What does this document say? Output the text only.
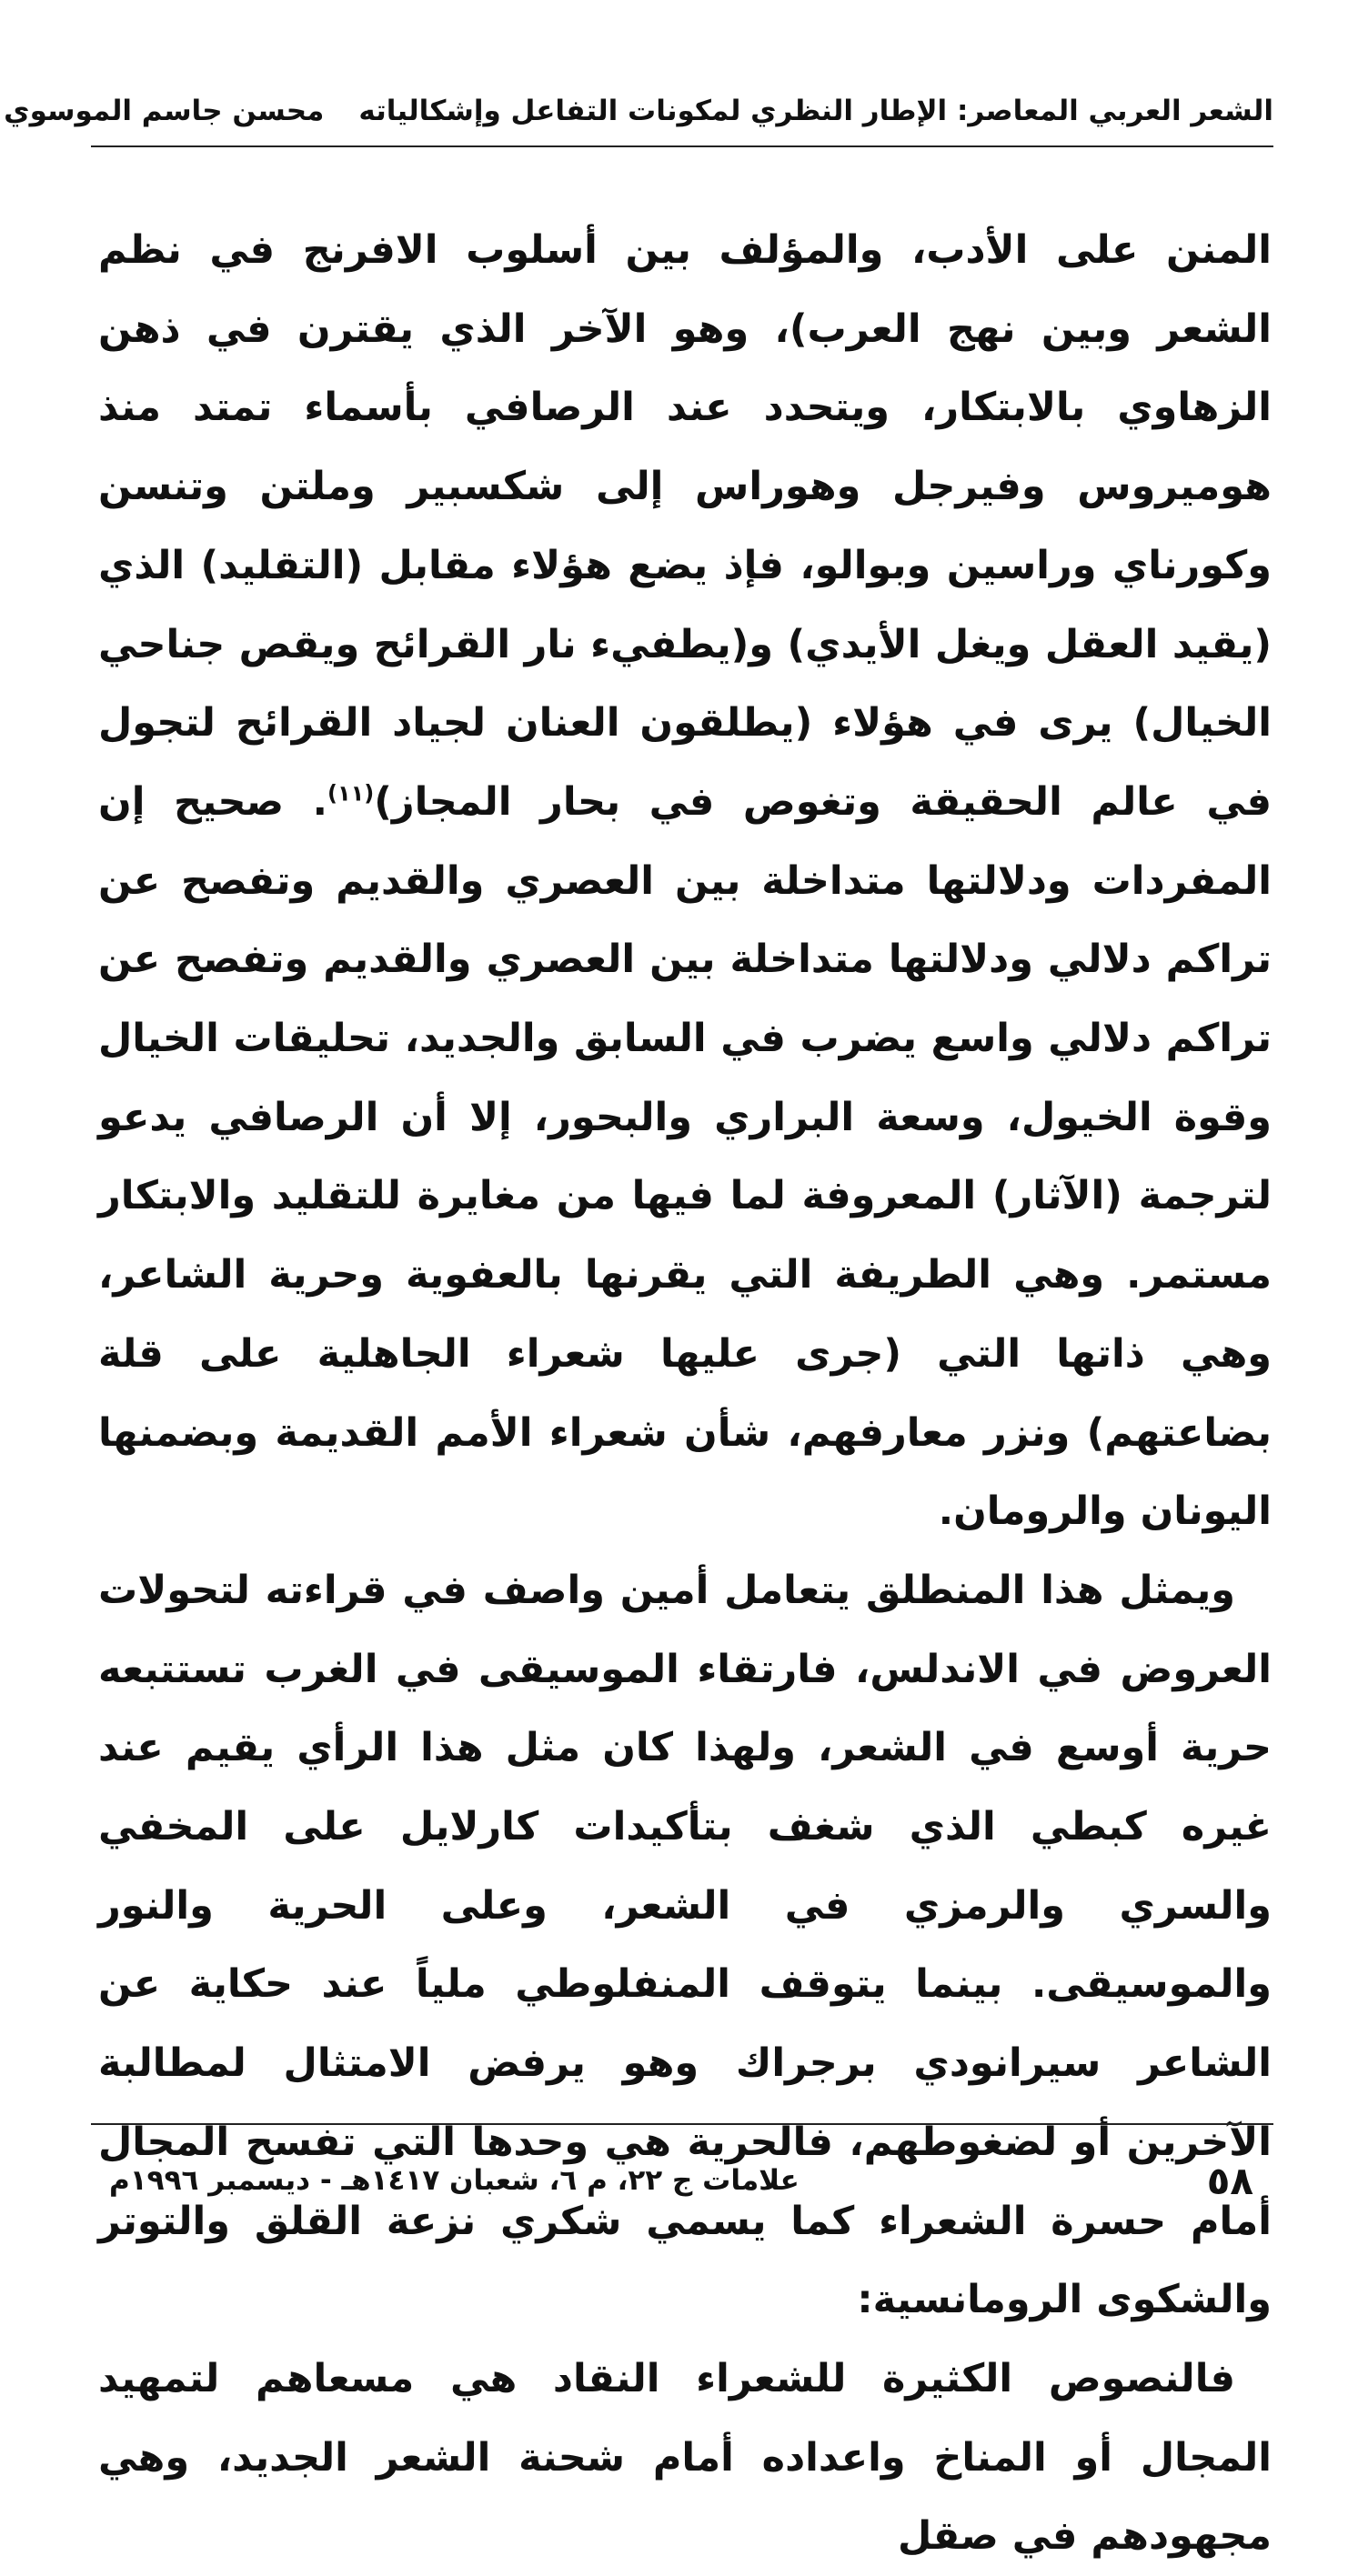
الشعر العربي المعاصر: الإطار النظري لمكونات التفاعل وإشكالياته
محسن جاسم الموسوي

المنن على الأدب، والمؤلف بين أسلوب الافرنج في نظم الشعر وبين نهج العرب)، وهو الآخر الذي يقترن في ذهن الزهاوي بالابتكار، ويتحدد عند الرصافي بأسماء تمتد منذ هوميروس وفيرجل وهوراس إلى شكسبير وملتن وتنسن وكورناي وراسين وبوالو، فإذ يضع هؤلاء مقابل (التقليد) الذي (يقيد العقل ويغل الأيدي) و(يطفيء نار القرائح ويقص جناحي الخيال) يرى في هؤلاء (يطلقون العنان لجياد القرائح لتجول في عالم الحقيقة وتغوص في بحار المجاز)$^{(١١)}$. صحيح إن المفردات ودلالتها متداخلة بين العصري والقديم وتفصح عن تراكم دلالي ودلالتها متداخلة بين العصري والقديم وتفصح عن تراكم دلالي واسع يضرب في السابق والجديد، تحليقات الخيال وقوة الخيول، وسعة البراري والبحور، إلا أن الرصافي يدعو لترجمة (الآثار) المعروفة لما فيها من مغايرة للتقليد والابتكار مستمر. وهي الطريفة التي يقرنها بالعفوية وحرية الشاعر، وهي ذاتها التي (جرى عليها شعراء الجاهلية على قلة بضاعتهم) ونزر معارفهم، شأن شعراء الأمم القديمة وبضمنها اليونان والرومان.

ويمثل هذا المنطلق يتعامل أمين واصف في قراءته لتحولات العروض في الاندلس، فارتقاء الموسيقى في الغرب تستتبعه حرية أوسع في الشعر، ولهذا كان مثل هذا الرأي يقيم عند غيره كبطي الذي شغف بتأكيدات كارلايل على المخفي والسري والرمزي في الشعر، وعلى الحرية والنور والموسيقى. بينما يتوقف المنفلوطي ملياً عند حكاية عن الشاعر سيرانودي برجراك وهو يرفض الامتثال لمطالبة الآخرين أو لضغوطهم، فالحرية هي وحدها التي تفسح المجال أمام حسرة الشعراء كما يسمي شكري نزعة القلق والتوتر والشكوى الرومانسية:

فالنصوص الكثيرة للشعراء النقاد هي مسعاهم لتمهيد المجال أو المناخ واعداده أمام شحنة الشعر الجديد، وهي مجهودهم في صقل

٥٨
علامات ج ٢٢، م ٦، شعبان ١٤١٧هـ - ديسمبر ١٩٩٦م
